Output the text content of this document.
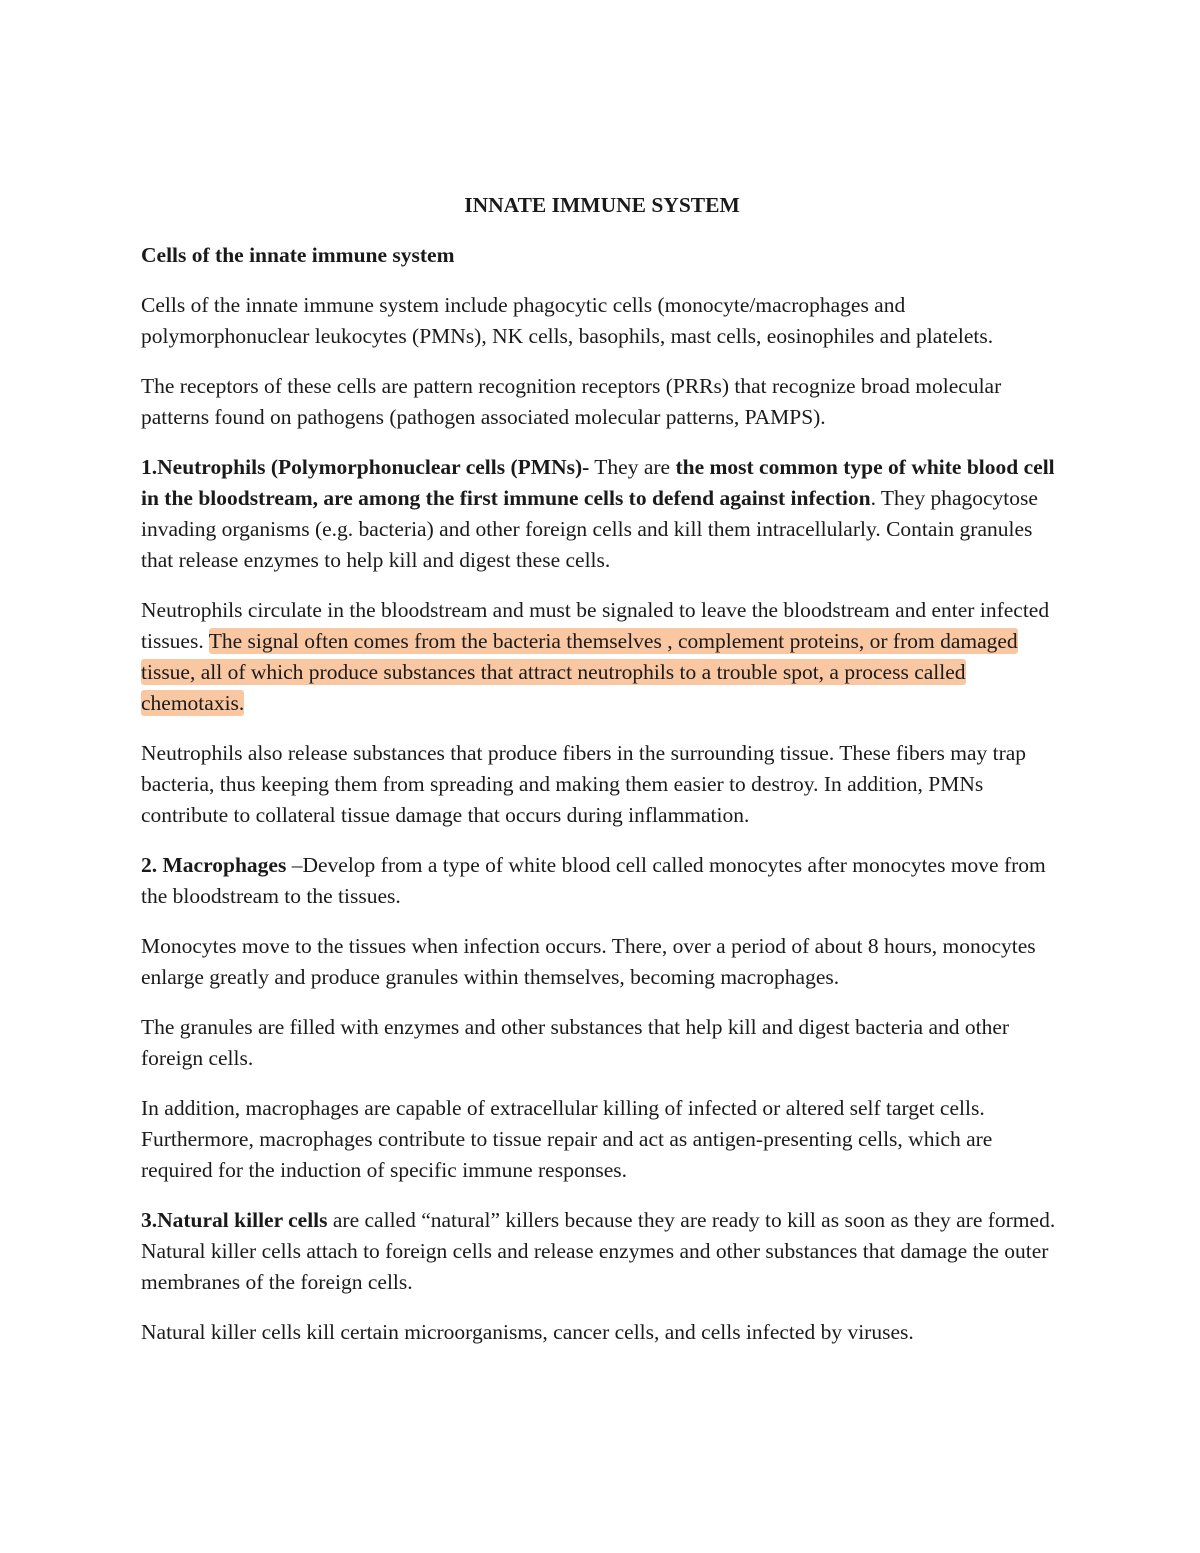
INNATE IMMUNE SYSTEM
Cells of the innate immune system
Cells of the innate immune system include phagocytic cells (monocyte/macrophages and polymorphonuclear leukocytes (PMNs), NK cells, basophils, mast cells, eosinophiles and platelets.
The receptors of these cells are pattern recognition receptors (PRRs) that recognize broad molecular patterns found on pathogens (pathogen associated molecular patterns, PAMPS).
1.Neutrophils (Polymorphonuclear cells (PMNs)- They are the most common type of white blood cell in the bloodstream, are among the first immune cells to defend against infection. They phagocytose invading organisms (e.g. bacteria) and other foreign cells and kill them intracellularly. Contain granules that release enzymes to help kill and digest these cells.
Neutrophils circulate in the bloodstream and must be signaled to leave the bloodstream and enter infected tissues. The signal often comes from the bacteria themselves , complement proteins, or from damaged tissue, all of which produce substances that attract neutrophils to a trouble spot, a process called chemotaxis.
Neutrophils also release substances that produce fibers in the surrounding tissue. These fibers may trap bacteria, thus keeping them from spreading and making them easier to destroy. In addition, PMNs contribute to collateral tissue damage that occurs during inflammation.
2. Macrophages –Develop from a type of white blood cell called monocytes after monocytes move from the bloodstream to the tissues.
Monocytes move to the tissues when infection occurs. There, over a period of about 8 hours, monocytes enlarge greatly and produce granules within themselves, becoming macrophages.
The granules are filled with enzymes and other substances that help kill and digest bacteria and other foreign cells.
In addition, macrophages are capable of extracellular killing of infected or altered self target cells. Furthermore, macrophages contribute to tissue repair and act as antigen-presenting cells, which are required for the induction of specific immune responses.
3.Natural killer cells are called “natural” killers because they are ready to kill as soon as they are formed. Natural killer cells attach to foreign cells and release enzymes and other substances that damage the outer membranes of the foreign cells.
Natural killer cells kill certain microorganisms, cancer cells, and cells infected by viruses.
